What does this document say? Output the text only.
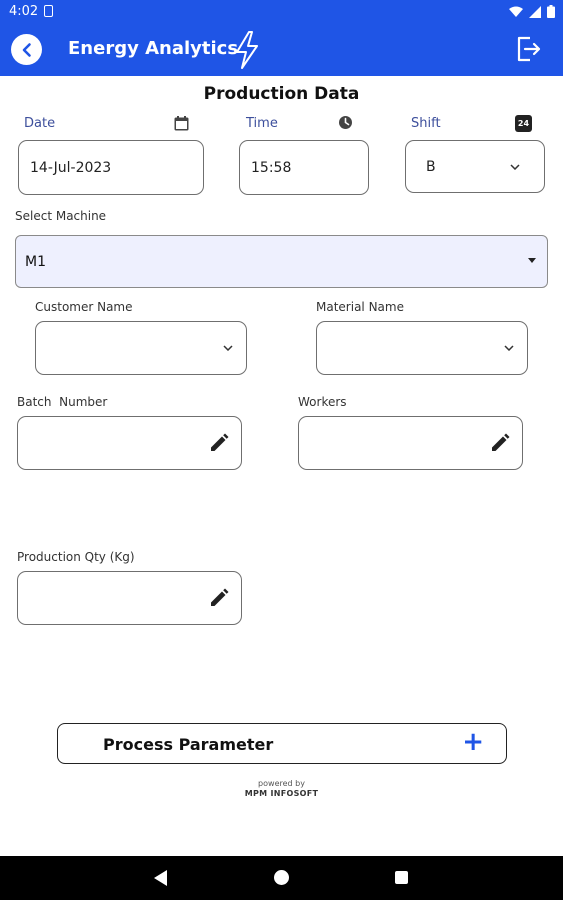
4:02
Energy Analytics
Production Data
Date
14-Jul-2023
Time
15:58
Shift	24
B
Select Machine
M1
Customer Name	Material Name
Batch  Number	Workers
Production Qty (Kg)
Process Parameter	+
powered by
MPM INFOSOFT
